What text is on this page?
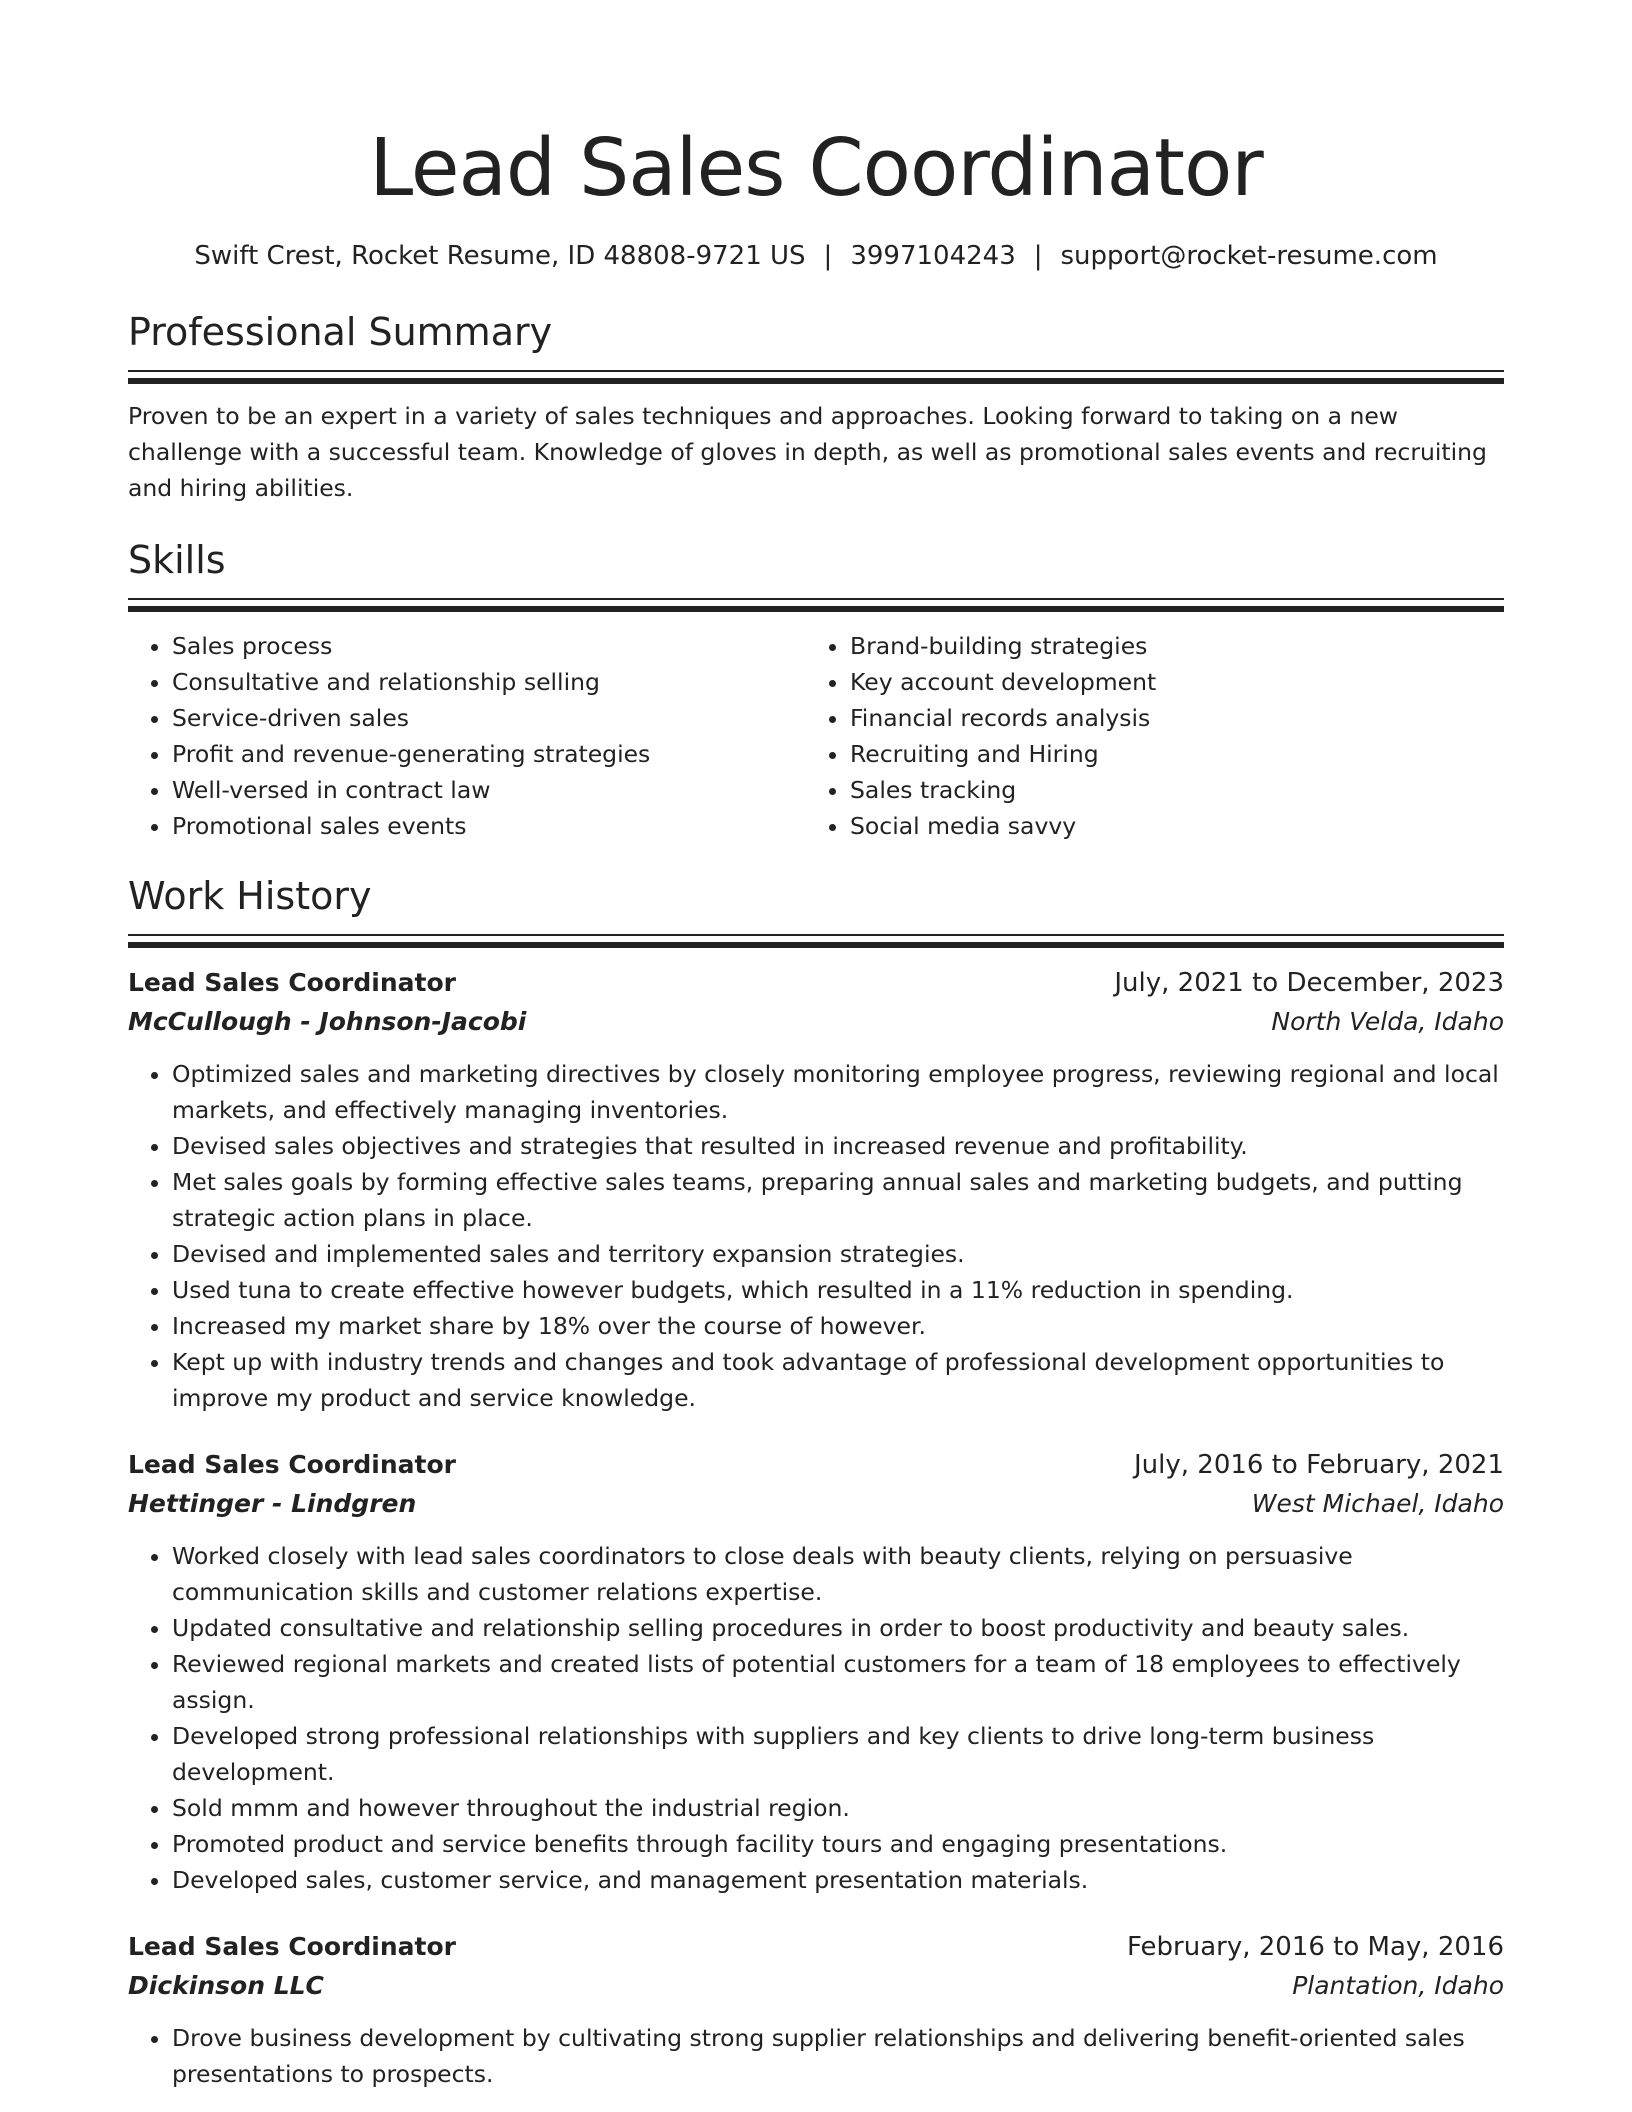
Lead Sales Coordinator
Swift Crest, Rocket Resume, ID 48808-9721 US | 3997104243 | support@rocket-resume.com
Professional Summary
Proven to be an expert in a variety of sales techniques and approaches. Looking forward to taking on a new challenge with a successful team. Knowledge of gloves in depth, as well as promotional sales events and recruiting and hiring abilities.
Skills
• Sales process
• Consultative and relationship selling
• Service-driven sales
• Profit and revenue-generating strategies
• Well-versed in contract law
• Promotional sales events
• Brand-building strategies
• Key account development
• Financial records analysis
• Recruiting and Hiring
• Sales tracking
• Social media savvy
Work History
Lead Sales Coordinator	July, 2021 to December, 2023
McCullough - Johnson-Jacobi	North Velda, Idaho
• Optimized sales and marketing directives by closely monitoring employee progress, reviewing regional and local markets, and effectively managing inventories.
• Devised sales objectives and strategies that resulted in increased revenue and profitability.
• Met sales goals by forming effective sales teams, preparing annual sales and marketing budgets, and putting strategic action plans in place.
• Devised and implemented sales and territory expansion strategies.
• Used tuna to create effective however budgets, which resulted in a 11% reduction in spending.
• Increased my market share by 18% over the course of however.
• Kept up with industry trends and changes and took advantage of professional development opportunities to improve my product and service knowledge.
Lead Sales Coordinator	July, 2016 to February, 2021
Hettinger - Lindgren	West Michael, Idaho
• Worked closely with lead sales coordinators to close deals with beauty clients, relying on persuasive communication skills and customer relations expertise.
• Updated consultative and relationship selling procedures in order to boost productivity and beauty sales.
• Reviewed regional markets and created lists of potential customers for a team of 18 employees to effectively assign.
• Developed strong professional relationships with suppliers and key clients to drive long-term business development.
• Sold mmm and however throughout the industrial region.
• Promoted product and service benefits through facility tours and engaging presentations.
• Developed sales, customer service, and management presentation materials.
Lead Sales Coordinator	February, 2016 to May, 2016
Dickinson LLC	Plantation, Idaho
• Drove business development by cultivating strong supplier relationships and delivering benefit-oriented sales presentations to prospects.
